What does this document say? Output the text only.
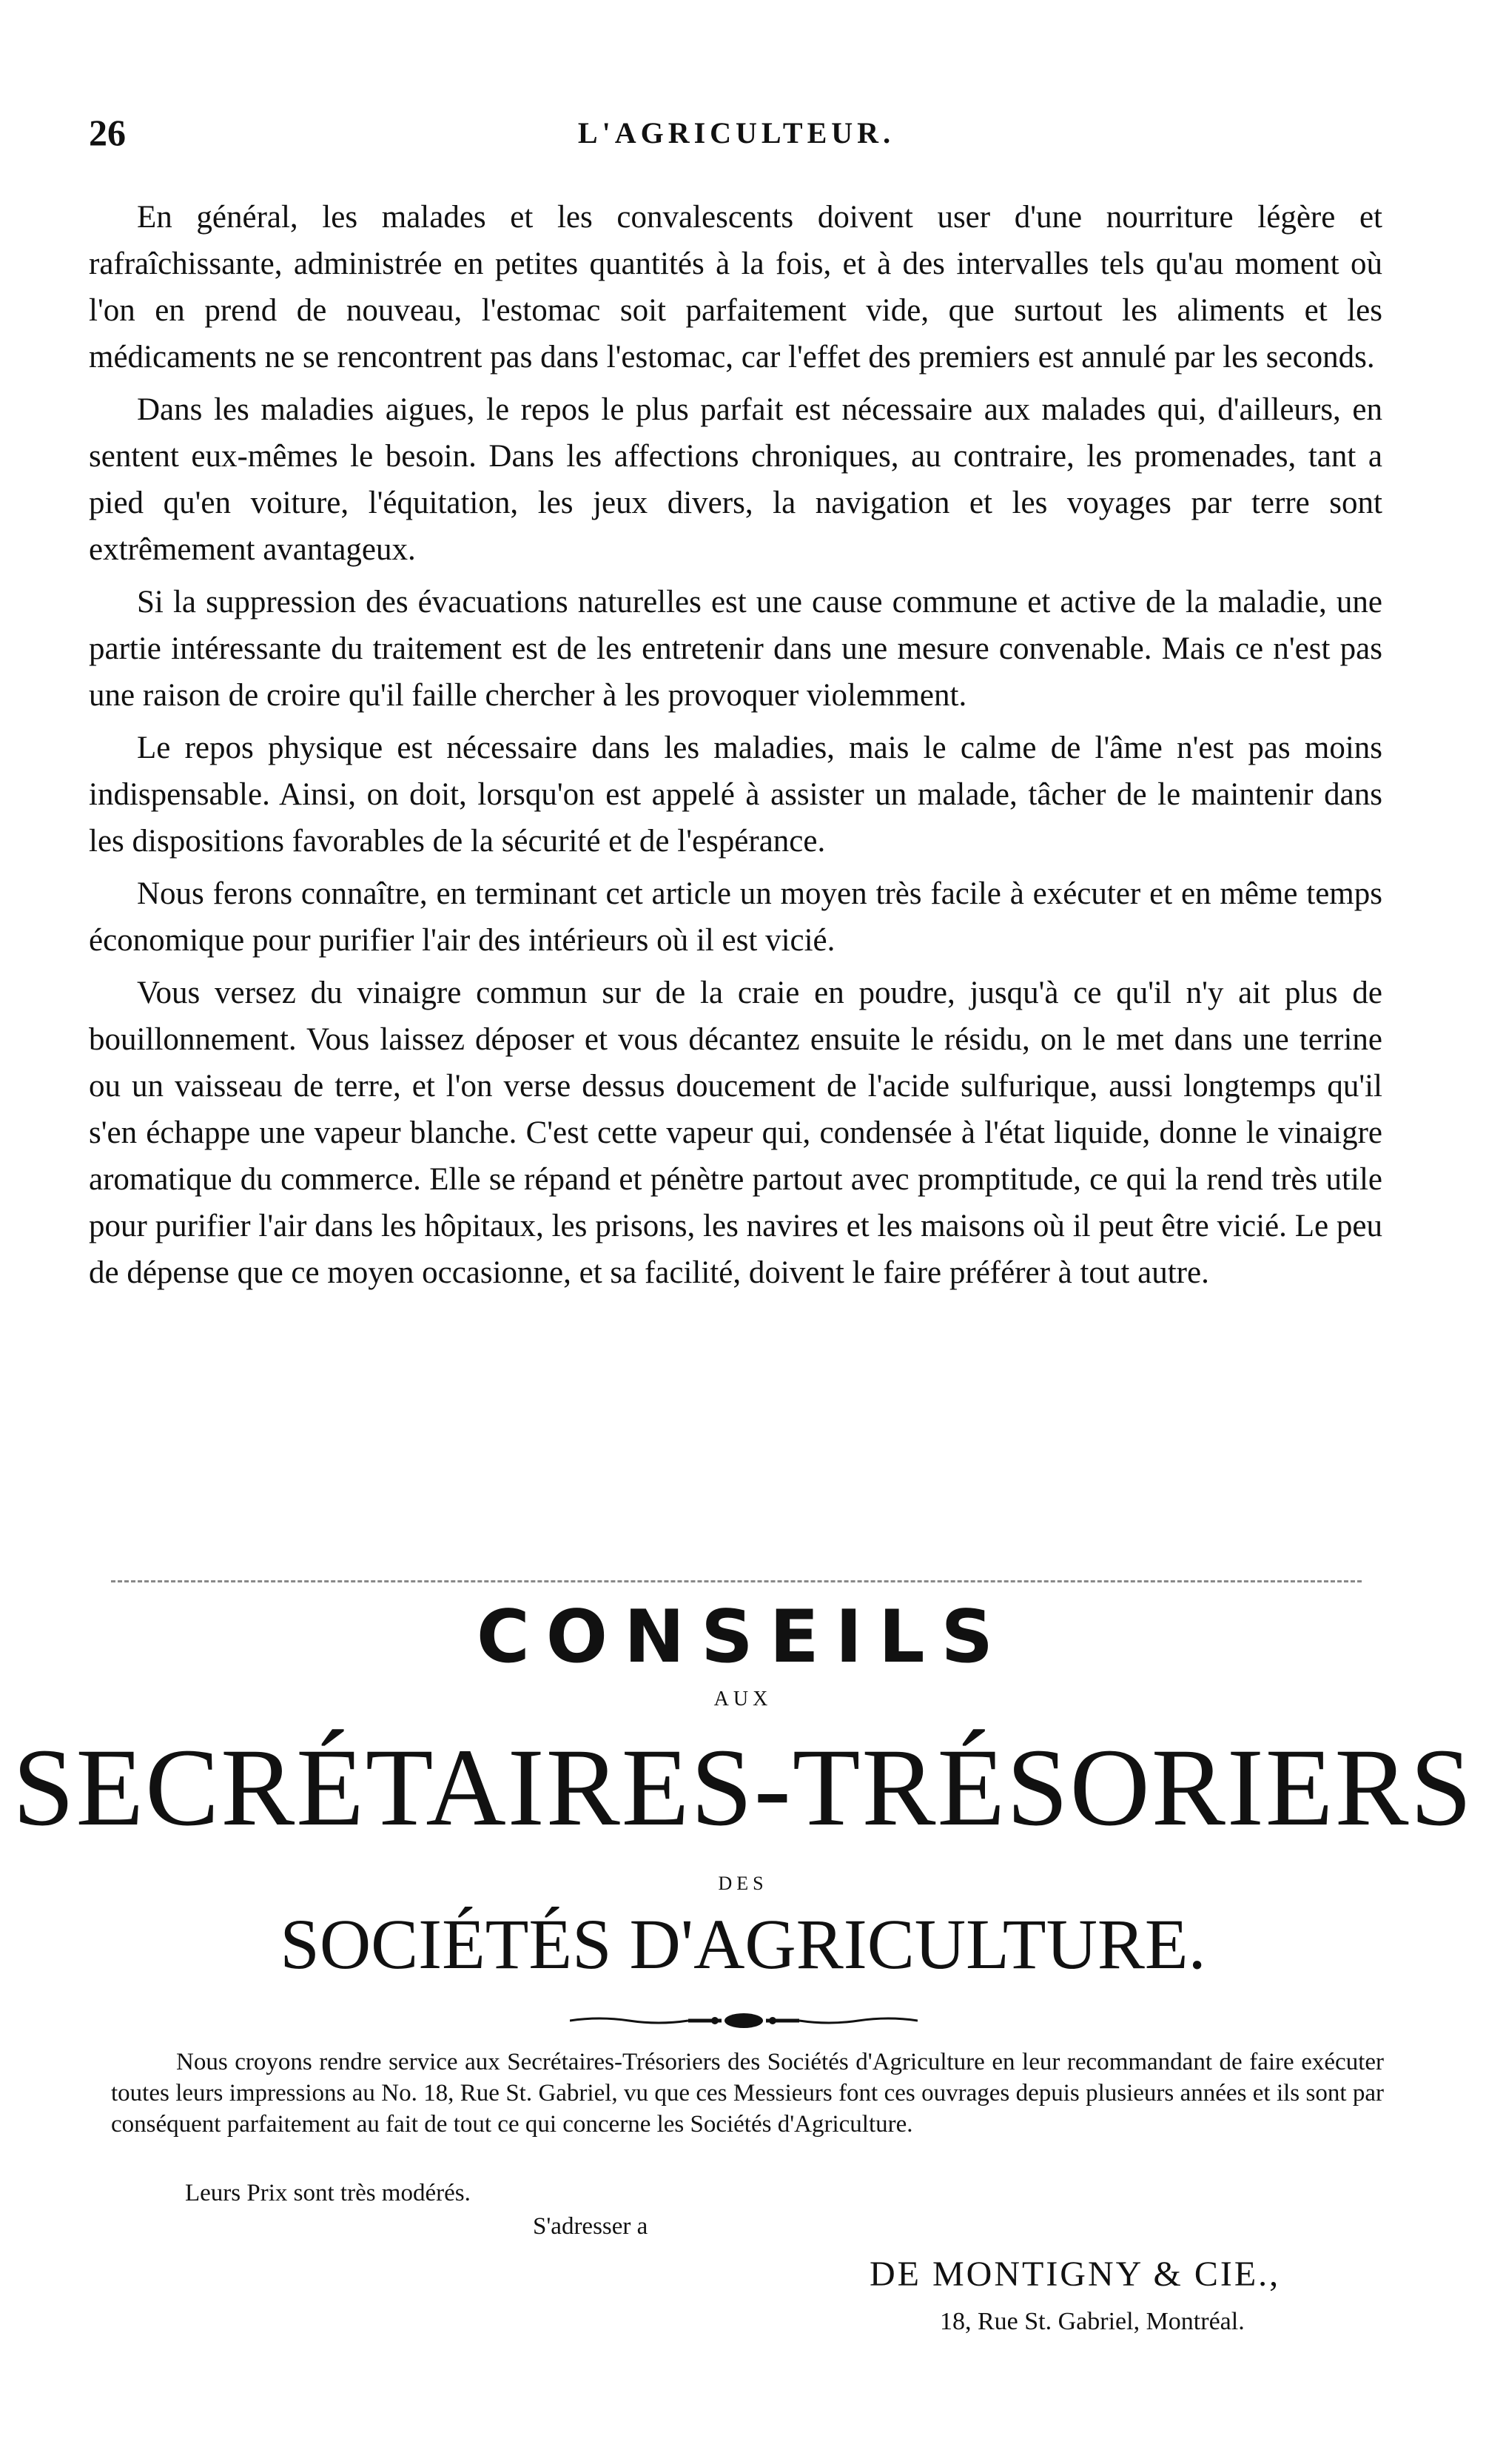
26	L'AGRICULTEUR.

En général, les malades et les convalescents doivent user d'une nourriture légère et rafraîchissante, administrée en petites quantités à la fois, et à des intervalles tels qu'au moment où l'on en prend de nouveau, l'estomac soit parfaitement vide, que surtout les aliments et les médicaments ne se rencontrent pas dans l'estomac, car l'effet des premiers est annulé par les seconds.

Dans les maladies aigues, le repos le plus parfait est nécessaire aux malades qui, d'ailleurs, en sentent eux-mêmes le besoin. Dans les affections chroniques, au contraire, les promenades, tant a pied qu'en voiture, l'équitation, les jeux divers, la navigation et les voyages par terre sont extrêmement avantageux.

Si la suppression des évacuations naturelles est une cause commune et active de la maladie, une partie intéressante du traitement est de les entretenir dans une mesure convenable. Mais ce n'est pas une raison de croire qu'il faille chercher à les provoquer violemment.

Le repos physique est nécessaire dans les maladies, mais le calme de l'âme n'est pas moins indispensable. Ainsi, on doit, lorsqu'on est appelé à assister un malade, tâcher de le maintenir dans les dispositions favorables de la sécurité et de l'espérance.

Nous ferons connaître, en terminant cet article un moyen très facile à exécuter et en même temps économique pour purifier l'air des intérieurs où il est vicié.

Vous versez du vinaigre commun sur de la craie en poudre, jusqu'à ce qu'il n'y ait plus de bouillonnement. Vous laissez déposer et vous décantez ensuite le résidu, on le met dans une terrine ou un vaisseau de terre, et l'on verse dessus doucement de l'acide sulfurique, aussi longtemps qu'il s'en échappe une vapeur blanche. C'est cette vapeur qui, condensée à l'état liquide, donne le vinaigre aromatique du commerce. Elle se répand et pénètre partout avec promptitude, ce qui la rend très utile pour purifier l'air dans les hôpitaux, les prisons, les navires et les maisons où il peut être vicié. Le peu de dépense que ce moyen occasionne, et sa facilité, doivent le faire préférer à tout autre.

CONSEILS
AUX
SECRÉTAIRES-TRÉSORIERS
DES
SOCIÉTÉS D'AGRICULTURE.

Nous croyons rendre service aux Secrétaires-Trésoriers des Sociétés d'Agriculture en leur recommandant de faire exécuter toutes leurs impressions au No. 18, Rue St. Gabriel, vu que ces Messieurs font ces ouvrages depuis plusieurs années et ils sont par conséquent parfaitement au fait de tout ce qui concerne les Sociétés d'Agriculture.

Leurs Prix sont très modérés.
S'adresser a
DE MONTIGNY & CIE.,
18, Rue St. Gabriel, Montréal.
